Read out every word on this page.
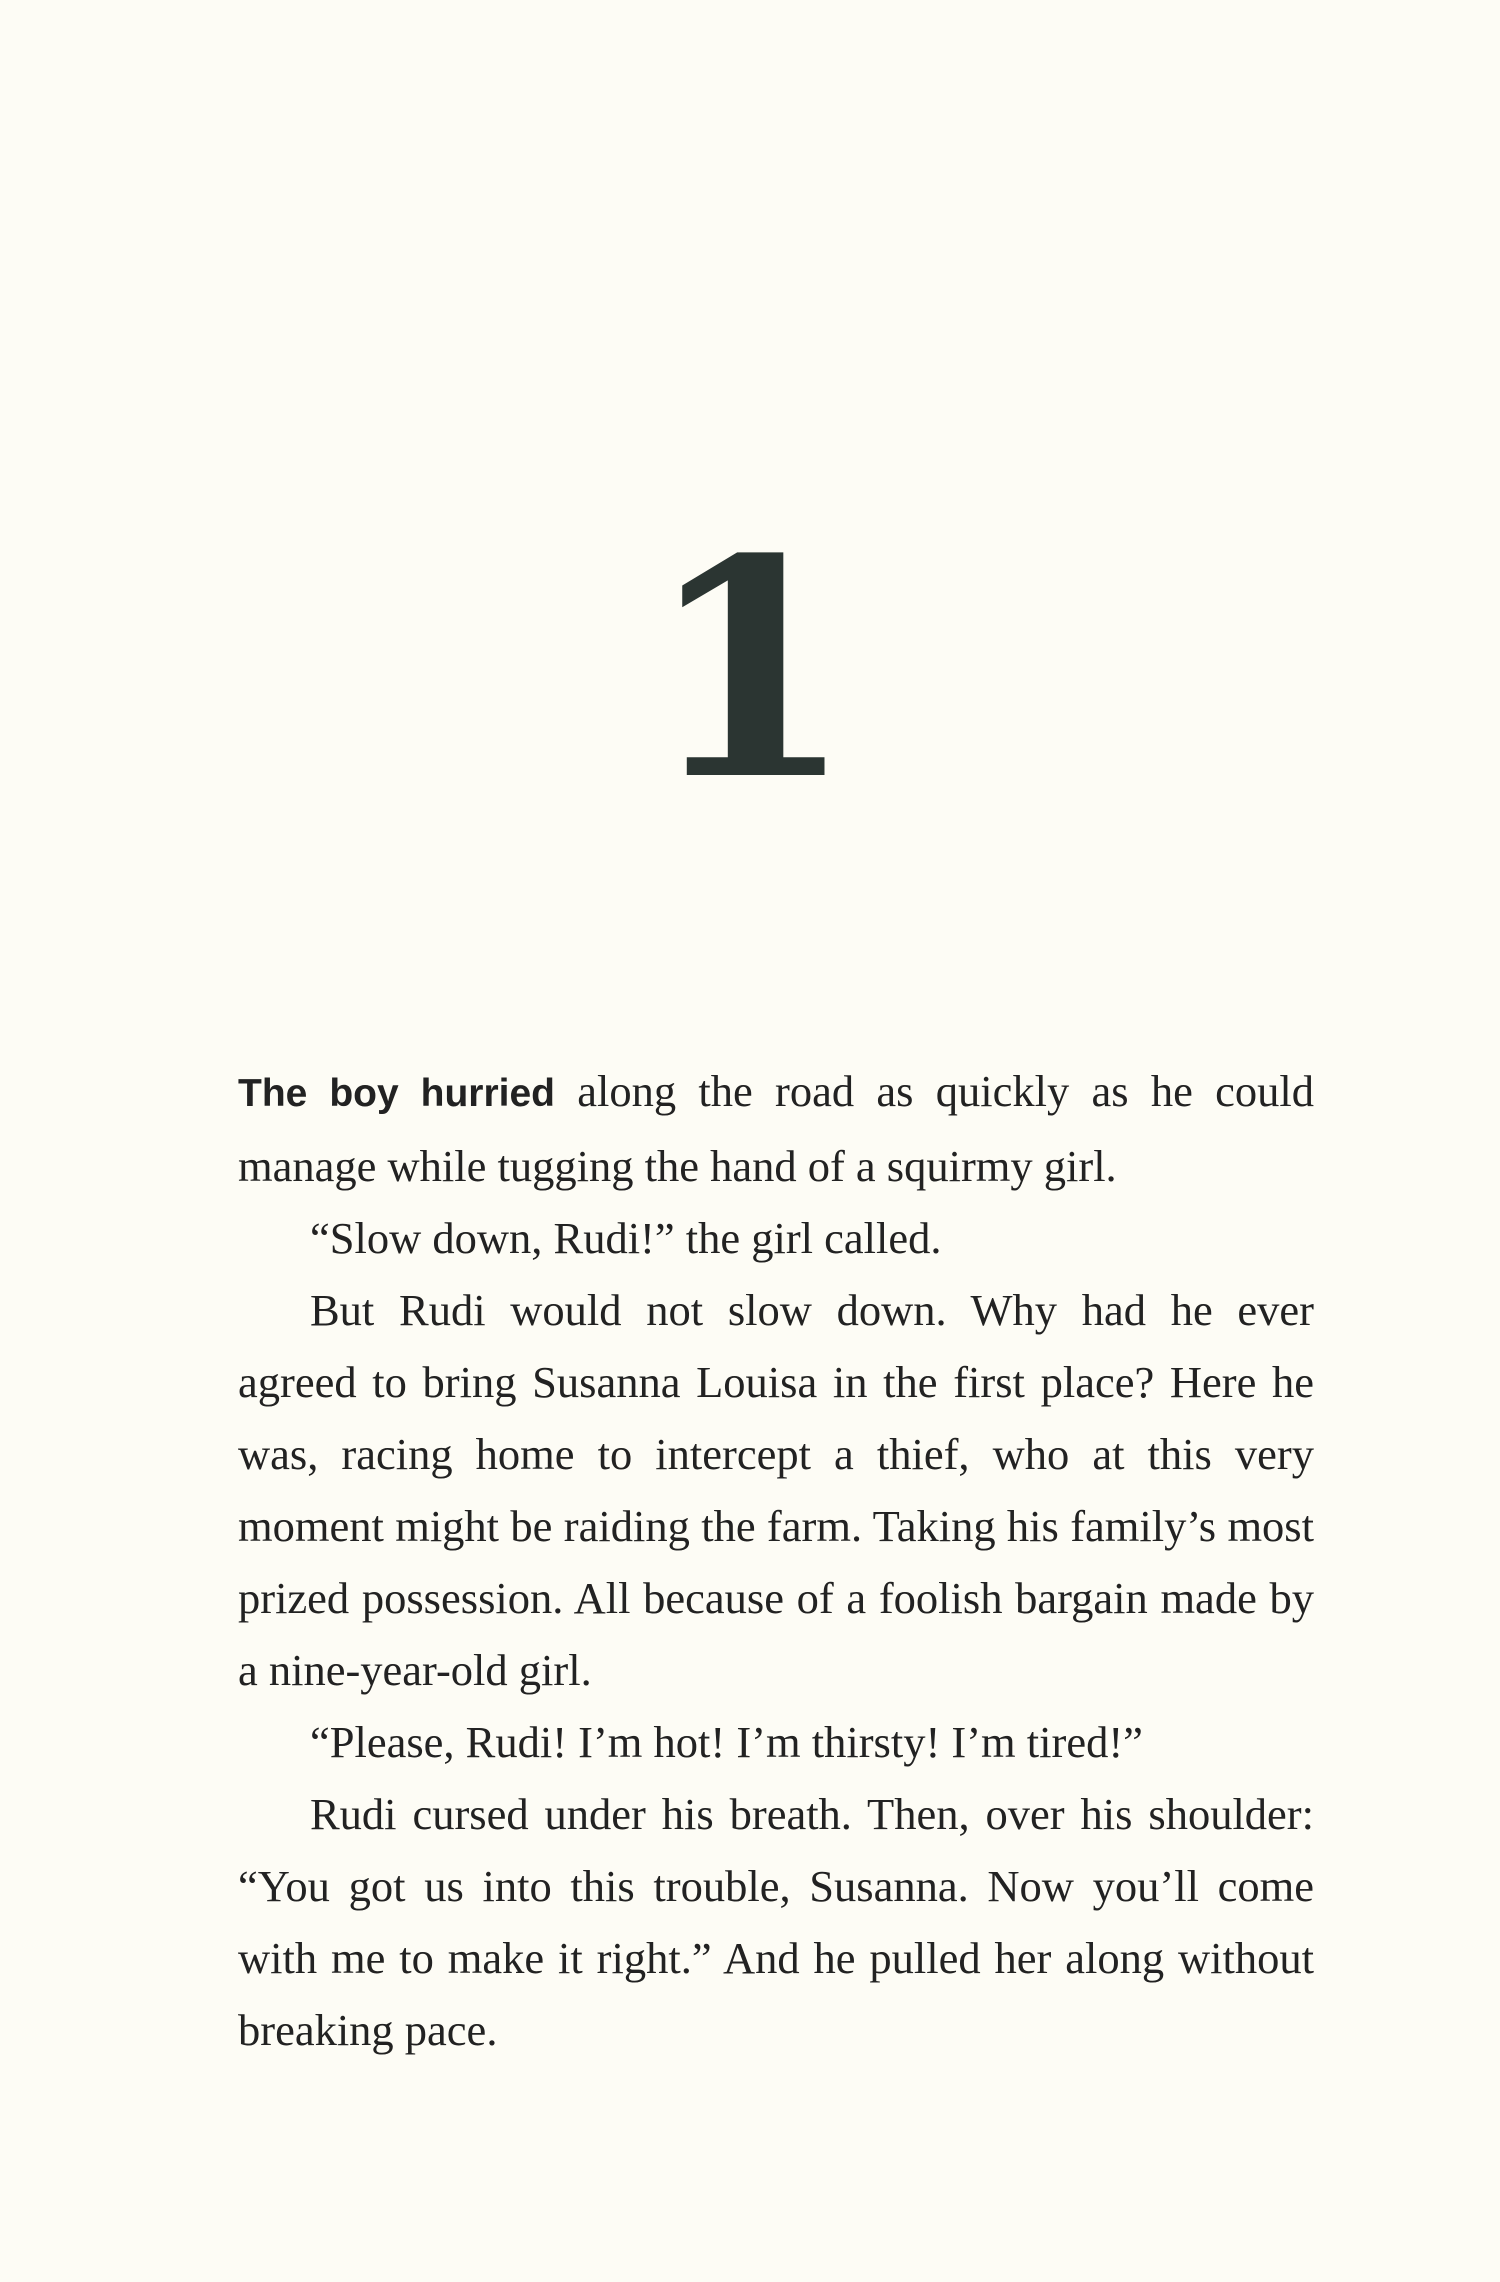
1

The boy hurried along the road as quickly as he could manage while tugging the hand of a squirmy girl.

“Slow down, Rudi!” the girl called.

But Rudi would not slow down. Why had he ever agreed to bring Susanna Louisa in the first place? Here he was, racing home to intercept a thief, who at this very moment might be raiding the farm. Taking his family’s most prized possession. All because of a foolish bargain made by a nine-year-old girl.

“Please, Rudi! I’m hot! I’m thirsty! I’m tired!”

Rudi cursed under his breath. Then, over his shoulder: “You got us into this trouble, Susanna. Now you’ll come with me to make it right.” And he pulled her along without breaking pace.
